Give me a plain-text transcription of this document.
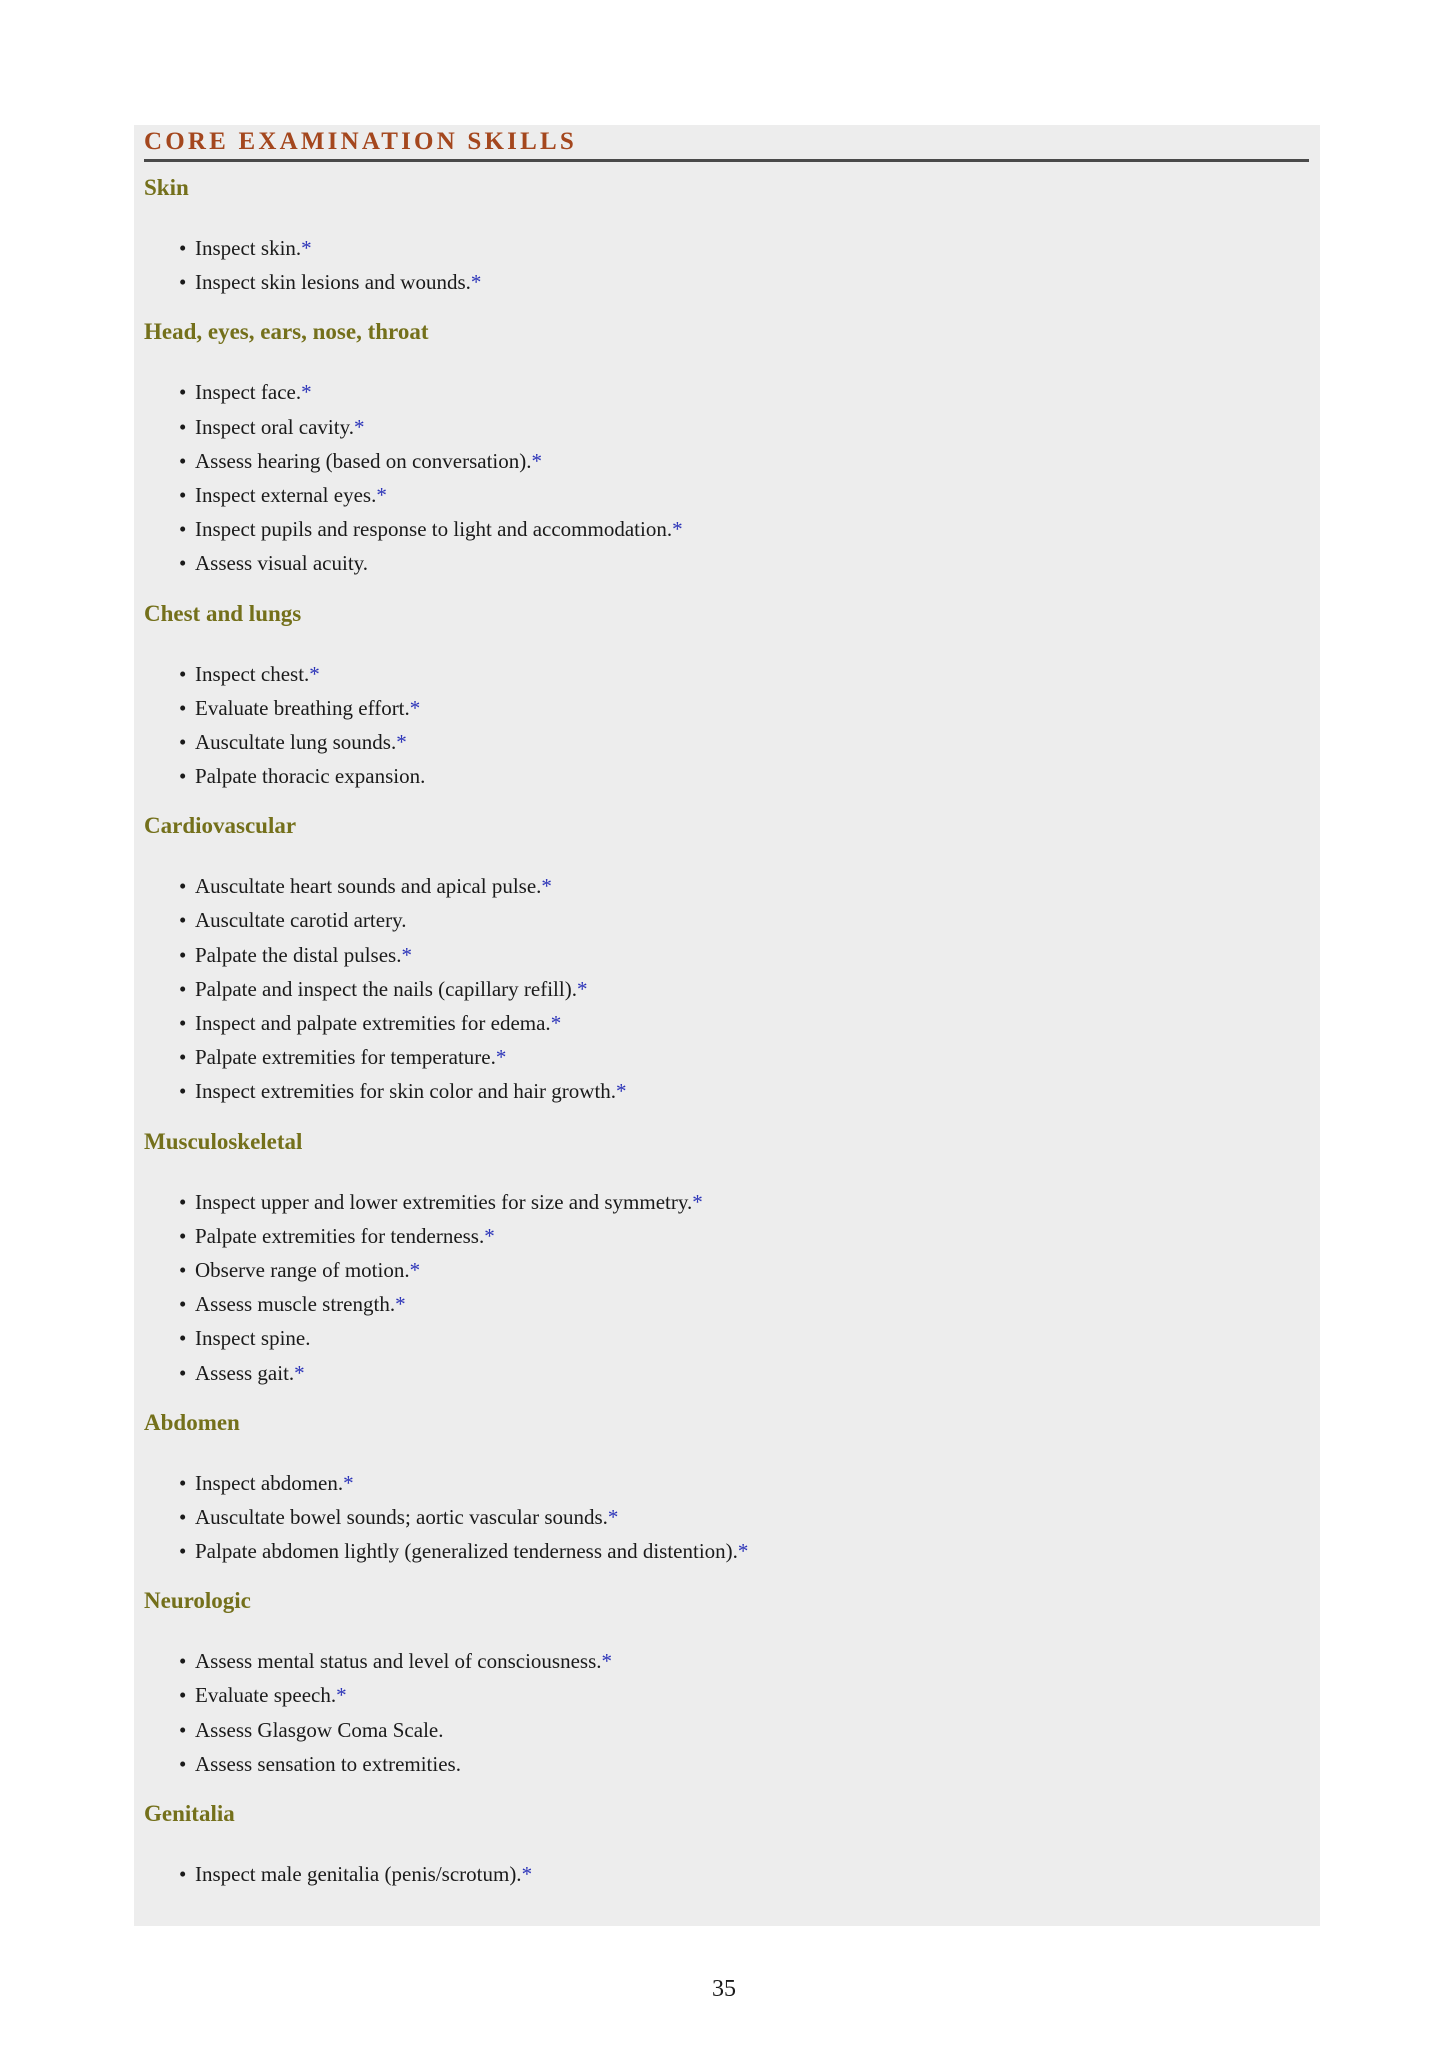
CORE EXAMINATION SKILLS
Skin
• Inspect skin.*
• Inspect skin lesions and wounds.*
Head, eyes, ears, nose, throat
• Inspect face.*
• Inspect oral cavity.*
• Assess hearing (based on conversation).*
• Inspect external eyes.*
• Inspect pupils and response to light and accommodation.*
• Assess visual acuity.
Chest and lungs
• Inspect chest.*
• Evaluate breathing effort.*
• Auscultate lung sounds.*
• Palpate thoracic expansion.
Cardiovascular
• Auscultate heart sounds and apical pulse.*
• Auscultate carotid artery.
• Palpate the distal pulses.*
• Palpate and inspect the nails (capillary refill).*
• Inspect and palpate extremities for edema.*
• Palpate extremities for temperature.*
• Inspect extremities for skin color and hair growth.*
Musculoskeletal
• Inspect upper and lower extremities for size and symmetry.*
• Palpate extremities for tenderness.*
• Observe range of motion.*
• Assess muscle strength.*
• Inspect spine.
• Assess gait.*
Abdomen
• Inspect abdomen.*
• Auscultate bowel sounds; aortic vascular sounds.*
• Palpate abdomen lightly (generalized tenderness and distention).*
Neurologic
• Assess mental status and level of consciousness.*
• Evaluate speech.*
• Assess Glasgow Coma Scale.
• Assess sensation to extremities.
Genitalia
• Inspect male genitalia (penis/scrotum).*
35
